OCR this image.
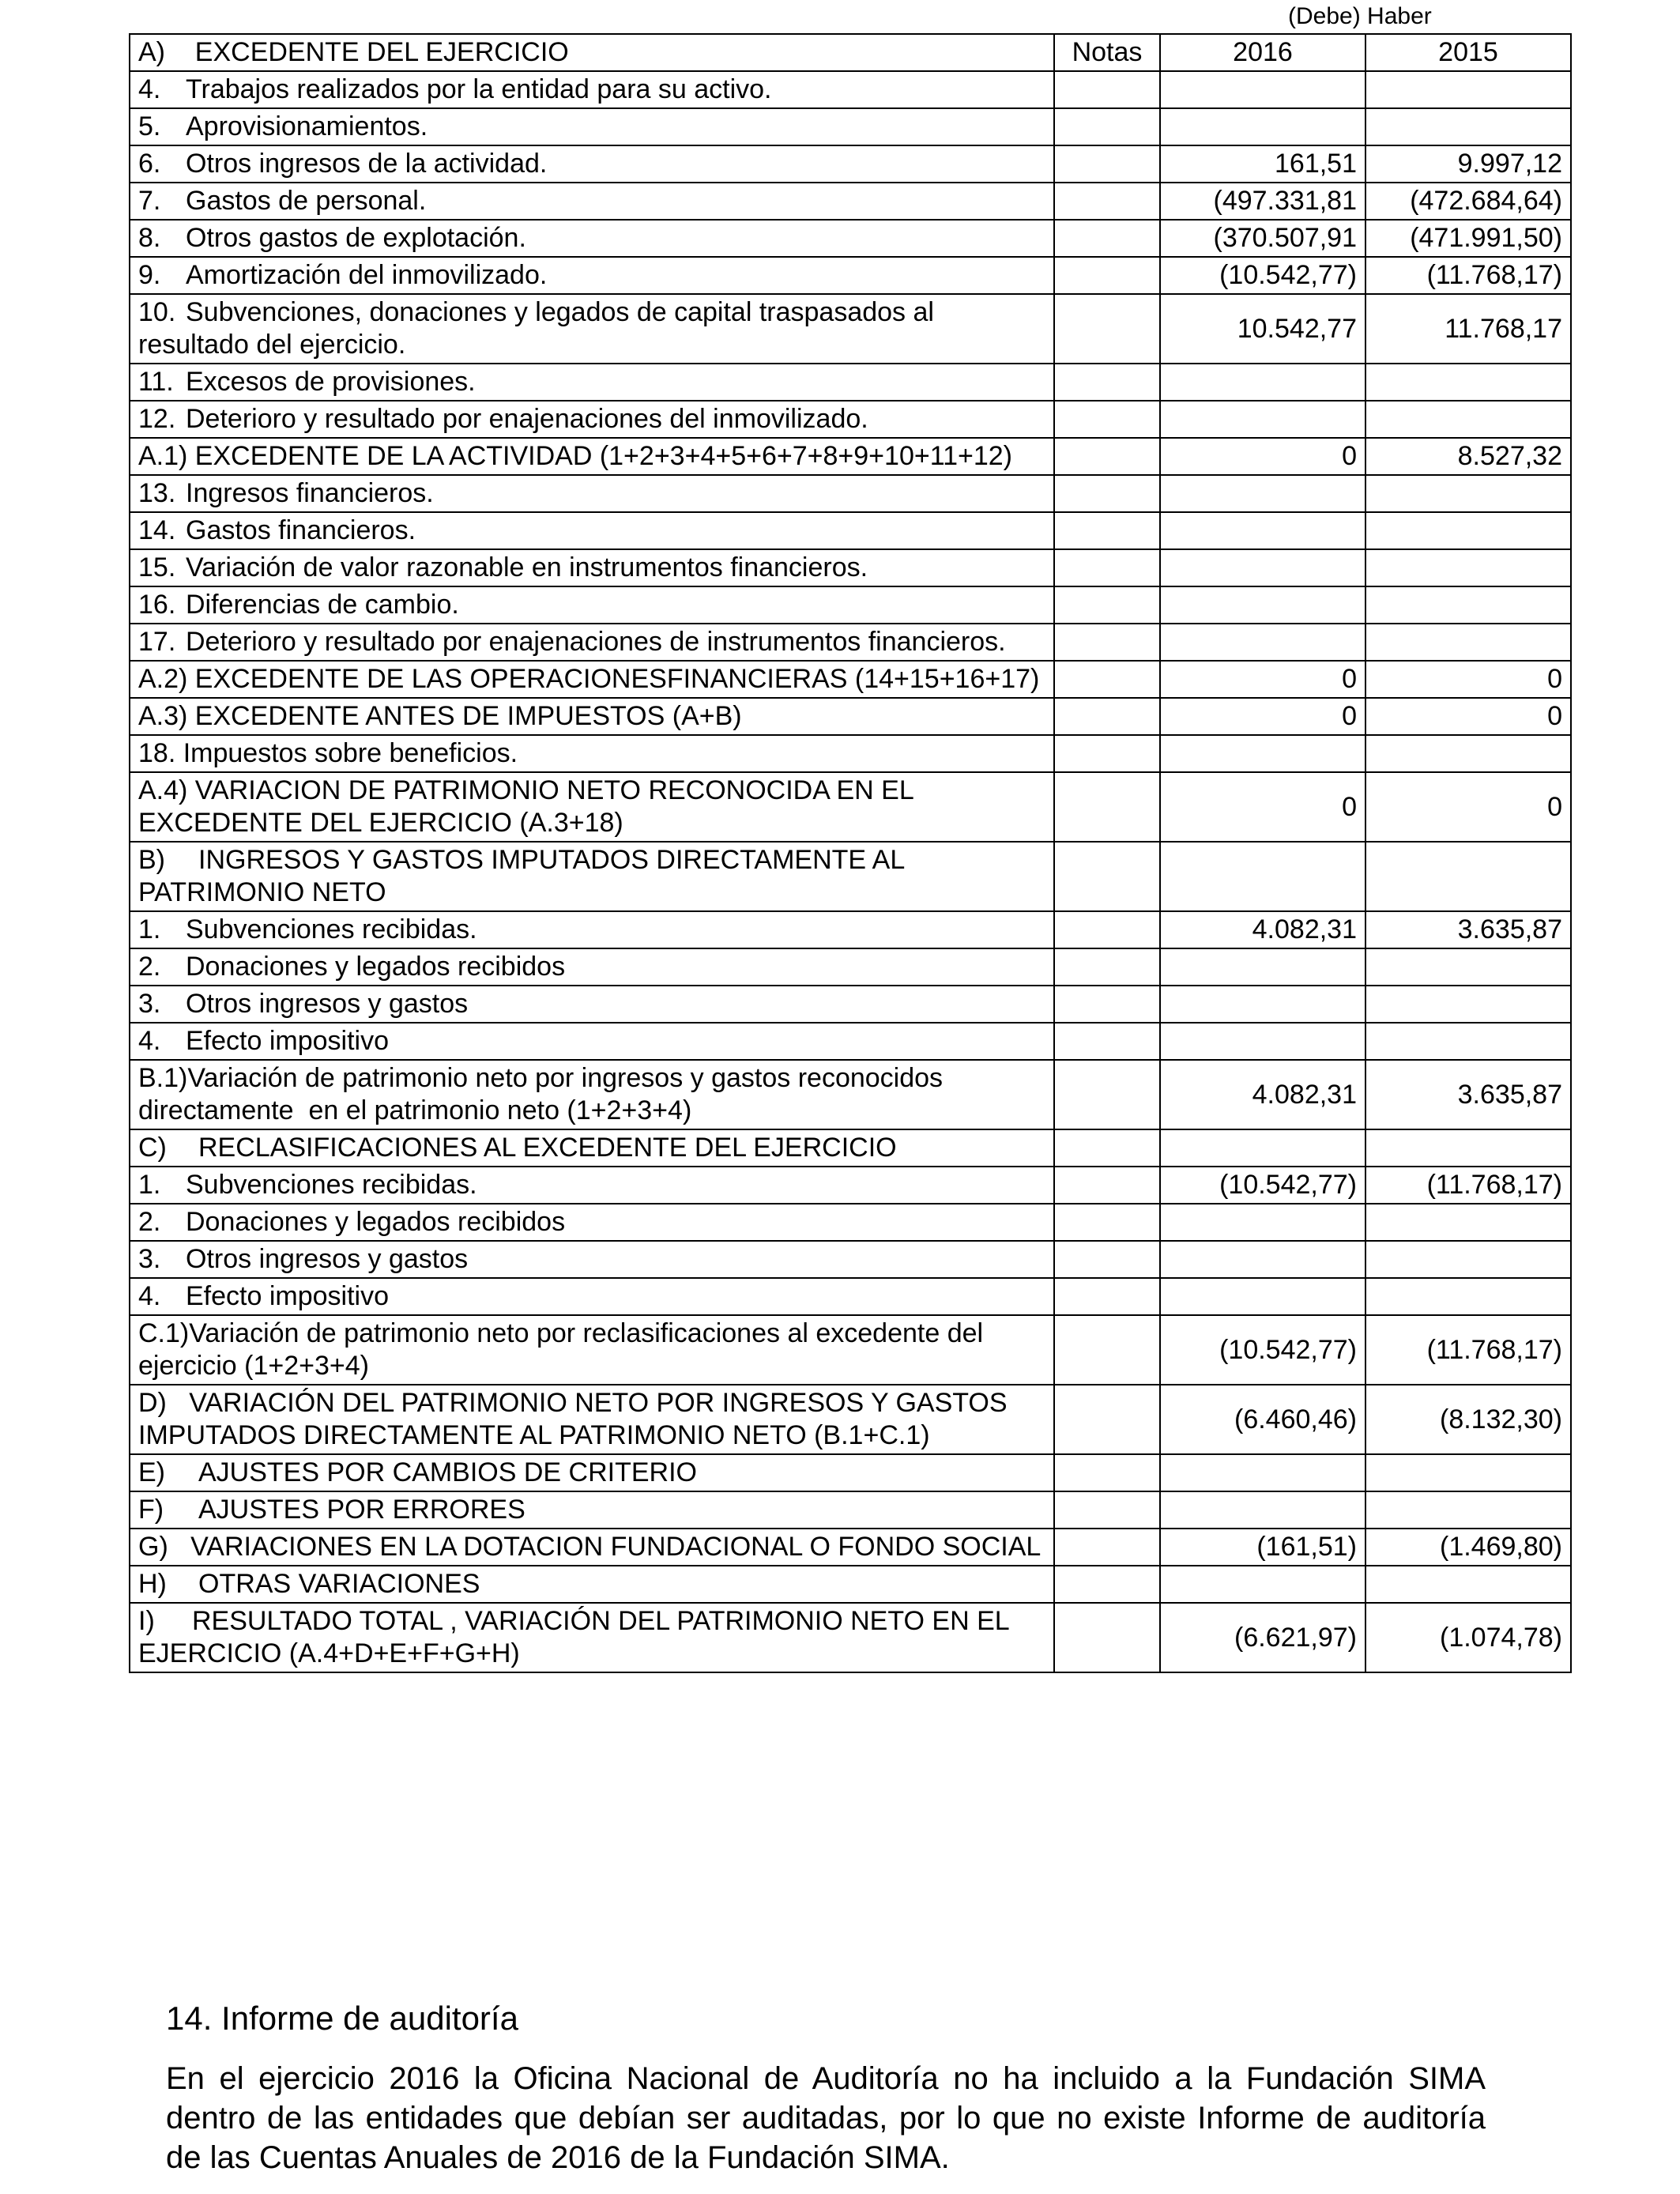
(Debe) Haber
A)    EXCEDENTE DEL EJERCICIO	Notas	2016	2015
4. Trabajos realizados por la entidad para su activo.			
5. Aprovisionamientos.			
6. Otros ingresos de la actividad.		161,51	9.997,12
7. Gastos de personal.		(497.331,81	(472.684,64)
8. Otros gastos de explotación.		(370.507,91	(471.991,50)
9. Amortización del inmovilizado.		(10.542,77)	(11.768,17)
10. Subvenciones, donaciones y legados de capital traspasados al resultado del ejercicio.		10.542,77	11.768,17
11. Excesos de provisiones.			
12. Deterioro y resultado por enajenaciones del inmovilizado.			
A.1) EXCEDENTE DE LA ACTIVIDAD (1+2+3+4+5+6+7+8+9+10+11+12)		0	8.527,32
13. Ingresos financieros.			
14. Gastos financieros.			
15. Variación de valor razonable en instrumentos financieros.			
16. Diferencias de cambio.			
17. Deterioro y resultado por enajenaciones de instrumentos financieros.			
A.2) EXCEDENTE DE LAS OPERACIONESFINANCIERAS (14+15+16+17)		0	0
A.3) EXCEDENTE ANTES DE IMPUESTOS (A+B)		0	0
18. Impuestos sobre beneficios.			
A.4) VARIACION DE PATRIMONIO NETO RECONOCIDA EN EL EXCEDENTE DEL EJERCICIO (A.3+18)		0	0
B) INGRESOS Y GASTOS IMPUTADOS DIRECTAMENTE AL PATRIMONIO NETO			
1. Subvenciones recibidas.		4.082,31	3.635,87
2. Donaciones y legados recibidos			
3. Otros ingresos y gastos			
4. Efecto impositivo			
B.1)Variación de patrimonio neto por ingresos y gastos reconocidos directamente  en el patrimonio neto (1+2+3+4)		4.082,31	3.635,87
C) RECLASIFICACIONES AL EXCEDENTE DEL EJERCICIO			
1. Subvenciones recibidas.		(10.542,77)	(11.768,17)
2. Donaciones y legados recibidos			
3. Otros ingresos y gastos			
4. Efecto impositivo			
C.1)Variación de patrimonio neto por reclasificaciones al excedente del ejercicio (1+2+3+4)		(10.542,77)	(11.768,17)
D)   VARIACIÓN DEL PATRIMONIO NETO POR INGRESOS Y GASTOS           IMPUTADOS DIRECTAMENTE AL PATRIMONIO NETO (B.1+C.1)		(6.460,46)	(8.132,30)
E) AJUSTES POR CAMBIOS DE CRITERIO			
F) AJUSTES POR ERRORES			
G)   VARIACIONES EN LA DOTACION FUNDACIONAL O FONDO SOCIAL		(161,51)	(1.469,80)
H) OTRAS VARIACIONES			
I)     RESULTADO TOTAL , VARIACIÓN DEL PATRIMONIO NETO EN EL   EJERCICIO (A.4+D+E+F+G+H)		(6.621,97)	(1.074,78)
14. Informe de auditoría

En el ejercicio 2016 la Oficina Nacional de Auditoría no ha incluido a la Fundación SIMA dentro de las entidades que debían ser auditadas, por lo que no existe Informe de auditoría de las Cuentas Anuales de 2016 de la Fundación SIMA.
